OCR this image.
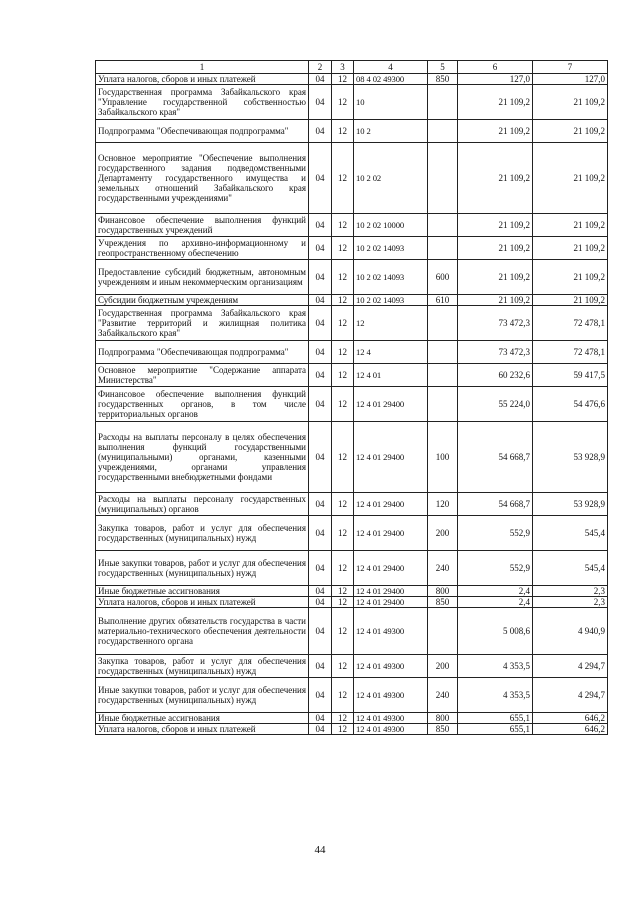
1	2	3	4	5	6	7
Уплата налогов, сборов и иных платежей	04	12	08 4 02 49300	850	127,0	127,0
Государственная программа Забайкальского края "Управление государственной собственностью Забайкальского края"	04	12	10		21 109,2	21 109,2
Подпрограмма "Обеспечивающая подпрограмма"	04	12	10 2		21 109,2	21 109,2
Основное мероприятие "Обеспечение выполнения государственного задания подведомственными Департаменту государственного имущества и земельных отношений Забайкальского края государственными учреждениями"	04	12	10 2 02		21 109,2	21 109,2
Финансовое обеспечение выполнения функций государственных учреждений	04	12	10 2 02 10000		21 109,2	21 109,2
Учреждения по архивно-информационному и геопространственному обеспечению	04	12	10 2 02 14093		21 109,2	21 109,2
Предоставление субсидий бюджетным, автономным учреждениям и иным некоммерческим организациям	04	12	10 2 02 14093	600	21 109,2	21 109,2
Субсидии бюджетным учреждениям	04	12	10 2 02 14093	610	21 109,2	21 109,2
Государственная программа Забайкальского края "Развитие территорий и жилищная политика Забайкальского края"	04	12	12		73 472,3	72 478,1
Подпрограмма "Обеспечивающая подпрограмма"	04	12	12 4		73 472,3	72 478,1
Основное мероприятие "Содержание аппарата Министерства"	04	12	12 4 01		60 232,6	59 417,5
Финансовое обеспечение выполнения функций государственных органов, в том числе территориальных органов	04	12	12 4 01 29400		55 224,0	54 476,6
Расходы на выплаты персоналу в целях обеспечения выполнения функций государственными (муниципальными) органами, казенными учреждениями, органами управления государственными внебюджетными фондами	04	12	12 4 01 29400	100	54 668,7	53 928,9
Расходы на выплаты персоналу государственных (муниципальных) органов	04	12	12 4 01 29400	120	54 668,7	53 928,9
Закупка товаров, работ и услуг для обеспечения государственных (муниципальных) нужд	04	12	12 4 01 29400	200	552,9	545,4
Иные закупки товаров, работ и услуг для обеспечения государственных (муниципальных) нужд	04	12	12 4 01 29400	240	552,9	545,4
Иные бюджетные ассигнования	04	12	12 4 01 29400	800	2,4	2,3
Уплата налогов, сборов и иных платежей	04	12	12 4 01 29400	850	2,4	2,3
Выполнение других обязательств государства в части материально-технического обеспечения деятельности государственного органа	04	12	12 4 01 49300		5 008,6	4 940,9
Закупка товаров, работ и услуг для обеспечения государственных (муниципальных) нужд	04	12	12 4 01 49300	200	4 353,5	4 294,7
Иные закупки товаров, работ и услуг для обеспечения государственных (муниципальных) нужд	04	12	12 4 01 49300	240	4 353,5	4 294,7
Иные бюджетные ассигнования	04	12	12 4 01 49300	800	655,1	646,2
Уплата налогов, сборов и иных платежей	04	12	12 4 01 49300	850	655,1	646,2
44
